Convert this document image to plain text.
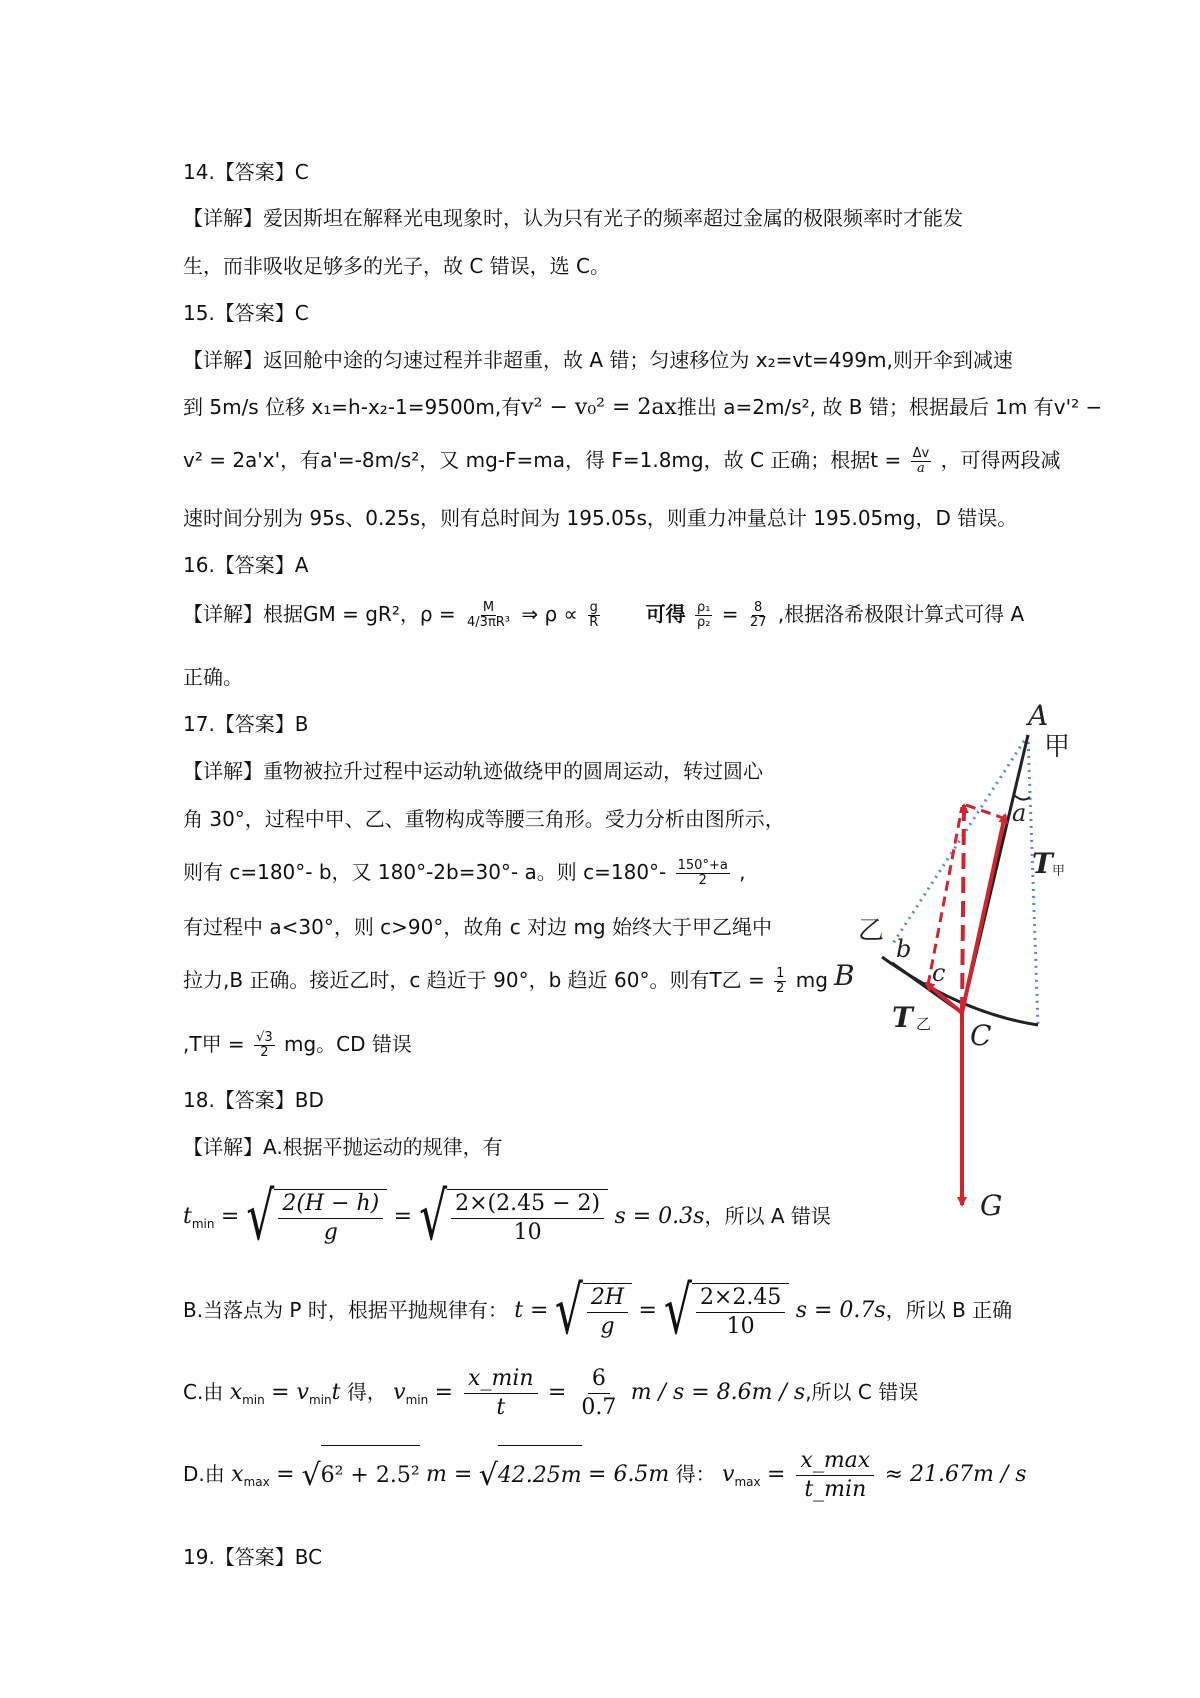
14.【答案】C
【详解】爱因斯坦在解释光电现象时，认为只有光子的频率超过金属的极限频率时才能发
生，而非吸收足够多的光子，故 C 错误，选 C。
15.【答案】C
【详解】返回舱中途的匀速过程并非超重，故 A 错；匀速移位为 x₂=vt=499m,则开伞到减速
到 5m/s 位移 x₁=h-x₂-1=9500m,有v² − v₀² = 2ax推出 a=2m/s², 故 B 错；根据最后 1m 有v'² −
v² = 2a'x'，有a'=-8m/s²，又 mg-F=ma，得 F=1.8mg，故 C 正确；根据$t = \frac{\Delta v}{a}$ ，可得两段减
速时间分别为 95s、0.25s，则有总时间为 195.05s，则重力冲量总计 195.05mg，D 错误。
16.【答案】A
【详解】根据GM = gR²，$\rho = \frac{M}{\text{4/3πR³}}$ ⇒ $\rho \propto \frac{g}{R}$ 可得 $\frac{\text{ρ₁}}{\text{ρ₂}} = \frac{8}{27}$ ,根据洛希极限计算式可得 A
正确。
17.【答案】B
【详解】重物被拉升过程中运动轨迹做绕甲的圆周运动，转过圆心
角 30°，过程中甲、乙、重物构成等腰三角形。受力分析由图所示，
则有 c=180°- b，又 180°-2b=30°- a。则 $c=180^\circ- \frac{150^\circ+a}{2}$ ,
有过程中 a<30°，则 c>90°，故角 c 对边 mg 始终大于甲乙绳中
拉力,B 正确。接近乙时，c 趋近于 90°，b 趋近 60°。则有T乙 = $\frac{1}{2}$ mg
,T甲 = $\frac{√3}{2}$ mg。CD 错误
18.【答案】BD
【详解】A.根据平抛运动的规律，有
$t_{min}$ = √ $\frac{2(H - h)}{g}$ = √ $\frac{2\times(2.45 - 2)}{10}$ s = 0.3s，所以 A 错误
B.当落点为 P 时，根据平抛规律有： t = √ $\frac{2H}{g}$ = √ $\frac{2\times 2.45}{10}$ s = 0.7s，所以 B 正确
C.由 $x_{min} = v_{min}t$ 得， $v_{min} = \frac{x\_\min}{t} = \frac{6}{0.7}$ m / s = 8.6m / s,所以 C 错误
D.由 $x_{max}$ = √ 6² + 2.5² m = √ 42.25m = 6.5m 得： $v_{max} = \frac{x\_\max}{t\_\min} \approx 21.67m / s$
19.【答案】BC
A
甲
a
T 甲
乙
b
B	c
T 乙 C
G
